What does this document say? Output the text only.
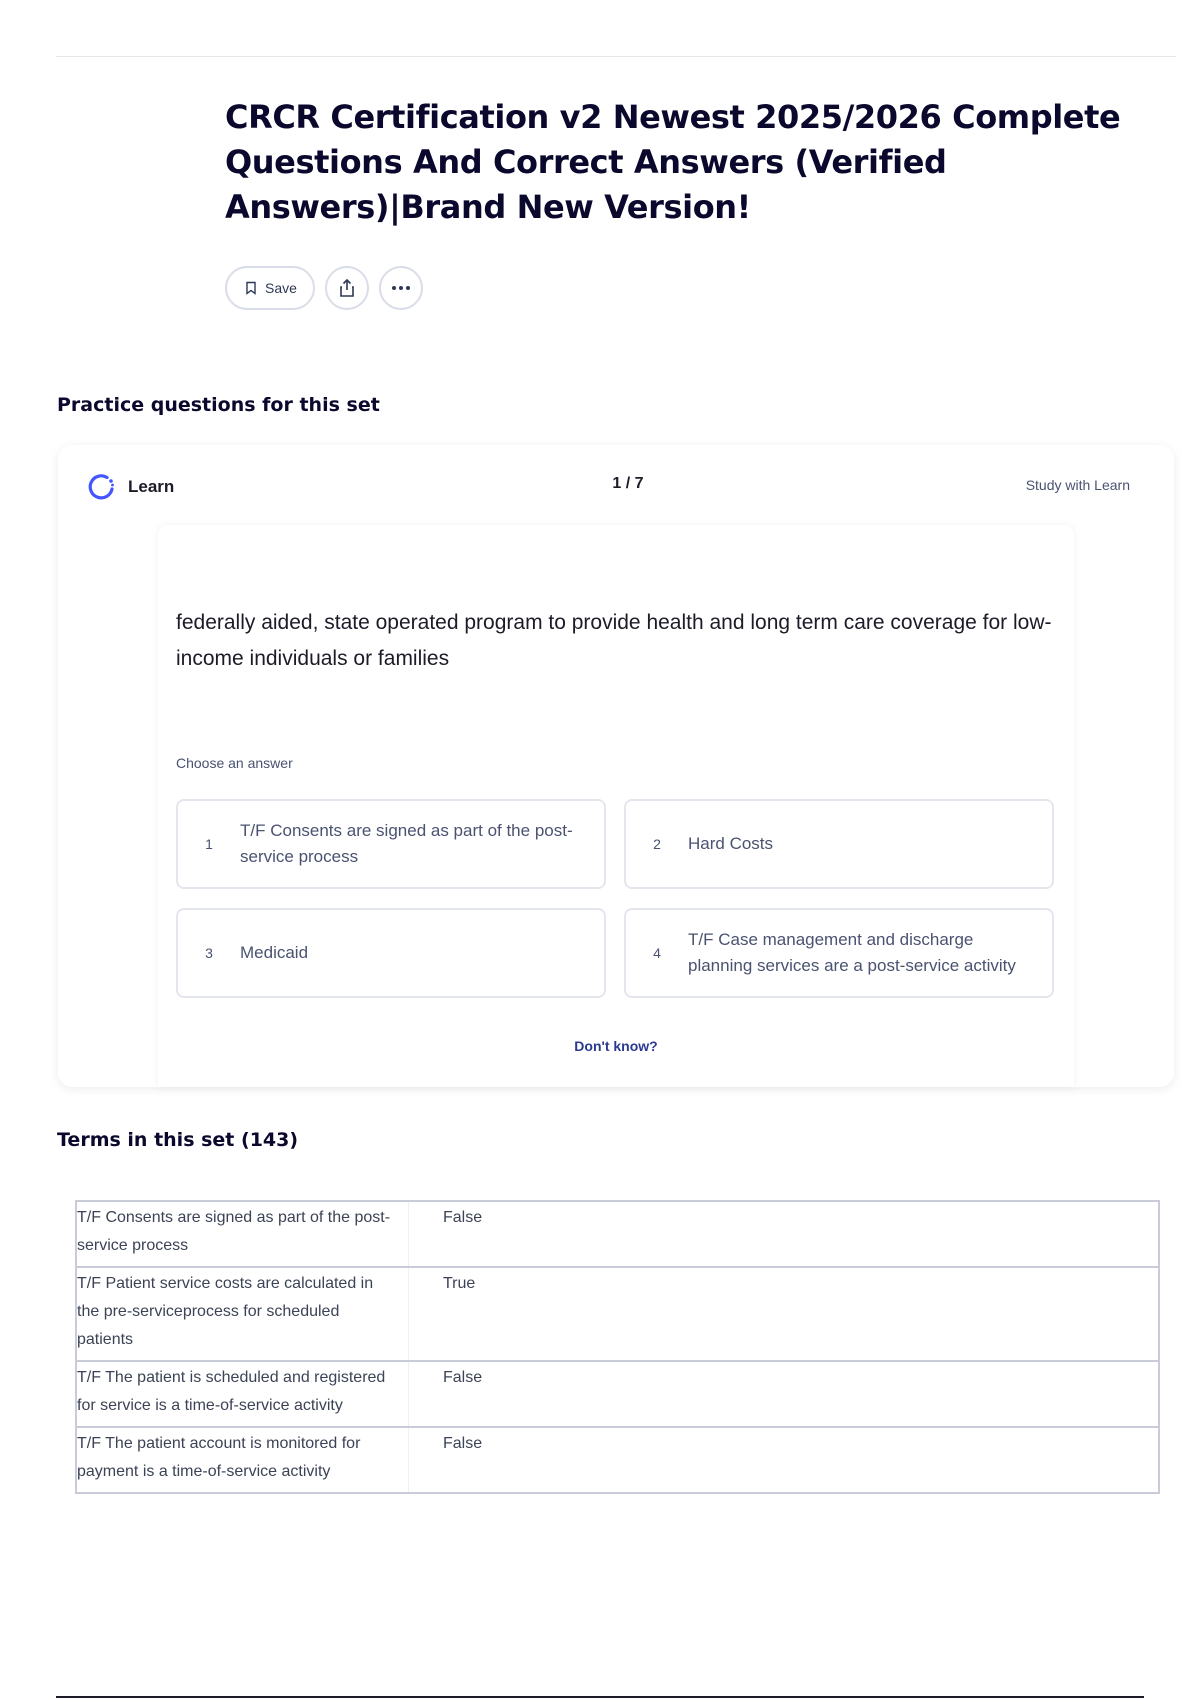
CRCR Certification v2 Newest 2025/2026 Complete Questions And Correct Answers (Verified Answers)|Brand New Version!
Save
Practice questions for this set
Learn	1 / 7	Study with Learn

federally aided, state operated program to provide health and long term care coverage for low-income individuals or families

Choose an answer
1
T/F Consents are signed as part of the post-service process
2	Hard Costs
3	Medicaid	4
T/F Case management and discharge planning services are a post-service activity
Don't know?
Terms in this set (143)
T/F Consents are signed as part of the post-service process
False
T/F Patient service costs are calculated in the pre-serviceprocess for scheduled patients
True
T/F The patient is scheduled and registered for service is a time-of-service activity
False
T/F The patient account is monitored for payment is a time-of-service activity
False
